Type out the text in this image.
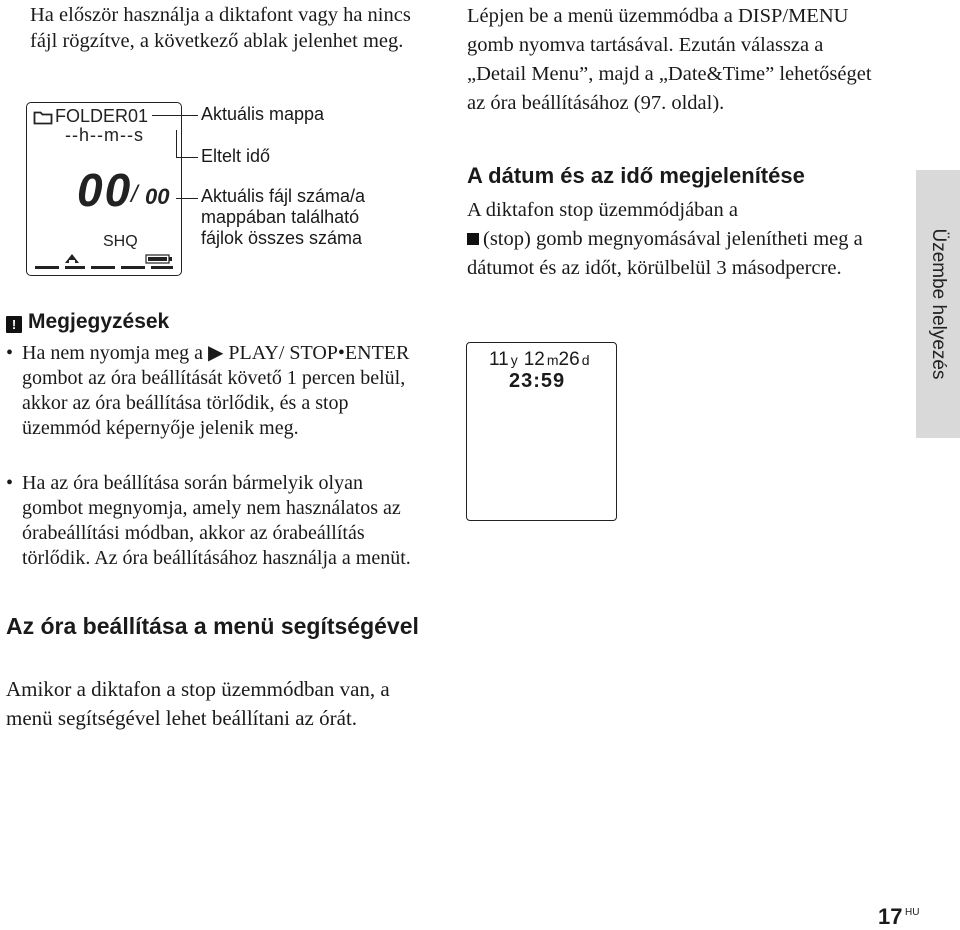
Ha először használja a diktafont vagy ha nincs fájl rögzítve, a következő ablak jelenhet meg.
FOLDER01
--h--m--s
00
/ 00
SHQ
Aktuális mappa
Eltelt idő
Aktuális fájl száma/a mappában található fájlok összes száma
! Megjegyzések
• Ha nem nyomja meg a ▶ PLAY/ STOP•ENTER gombot az óra beállítását követő 1 percen belül, akkor az óra beállítása törlődik, és a stop üzemmód képernyője jelenik meg.
• Ha az óra beállítása során bármelyik olyan gombot megnyomja, amely nem használatos az órabeállítási módban, akkor az órabeállítás törlődik. Az óra beállításához használja a menüt.
Az óra beállítása a menü segítségével
Amikor a diktafon a stop üzemmódban van, a menü segítségével lehet beállítani az órát.
Lépjen be a menü üzemmódba a DISP/MENU gomb nyomva tartásával. Ezután válassza a „Detail Menu”, majd a „Date&Time” lehetőséget az óra beállításához (97. oldal).
A dátum és az idő megjelenítése
A diktafon stop üzemmódjában a
(stop) gomb megnyomásával jelenítheti meg a dátumot és az időt, körülbelül 3 másodpercre.
11 y 12 m26 d
23:59
Üzembe helyezés
17 HU
